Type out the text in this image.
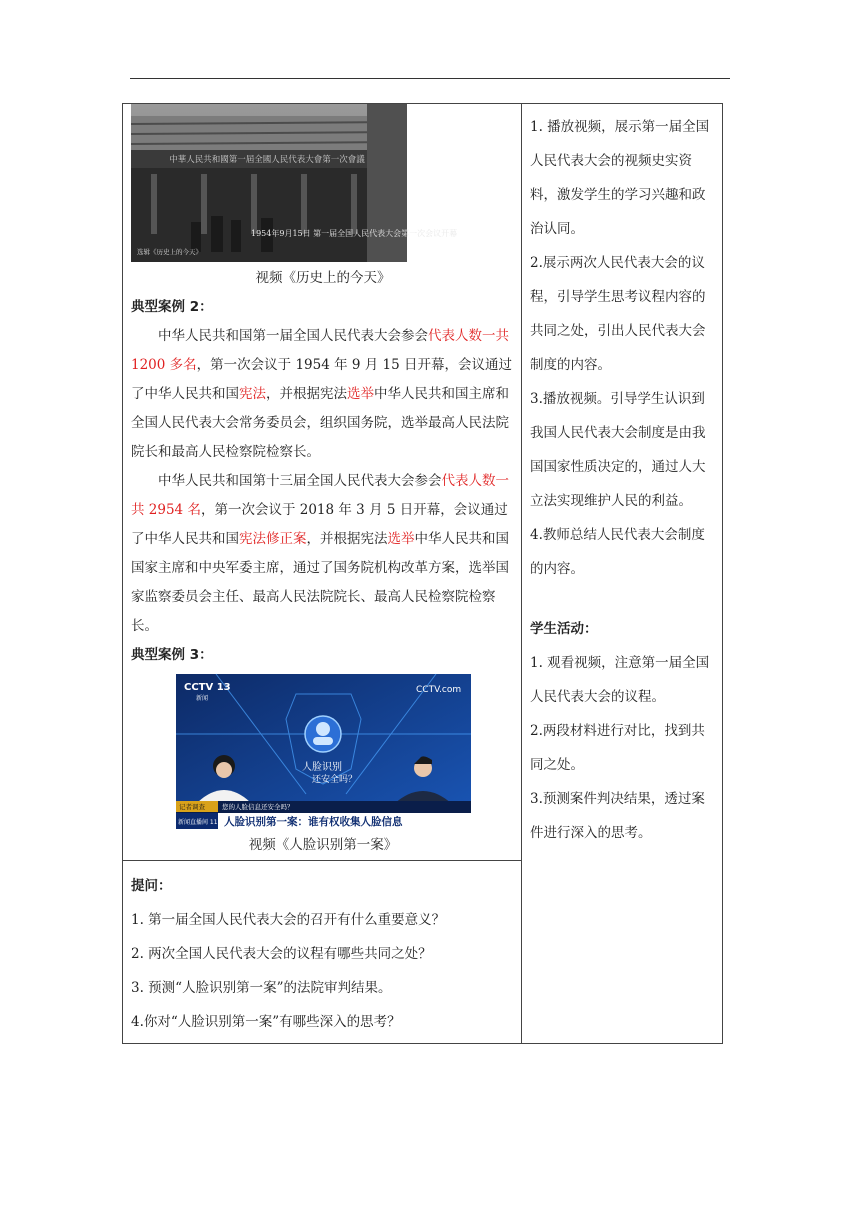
中華人民共和國第一屆全國人民代表大會第一次會議
1954年9月15日 第一届全国人民代表大会第一次会议开幕
选辑《历史上的今天》
视频《历史上的今天》
典型案例 2：

中华人民共和国第一届全国人民代表大会参会代表人数一共 1200 多名，第一次会议于 1954 年 9 月 15 日开幕，会议通过了中华人民共和国宪法，并根据宪法选举中华人民共和国主席和全国人民代表大会常务委员会，组织国务院，选举最高人民法院院长和最高人民检察院检察长。

中华人民共和国第十三届全国人民代表大会参会代表人数一共 2954 名，第一次会议于 2018 年 3 月 5 日开幕，会议通过了中华人民共和国宪法修正案，并根据宪法选举中华人民共和国国家主席和中央军委主席，通过了国务院机构改革方案，选举国家监察委员会主任、最高人民法院院长、最高人民检察院检察长。

典型案例 3：
CCTV 13
新闻
CCTV.com
人脸识别
还安全吗？
记者调查	您的人脸信息还安全吗？
新闻直播间 11 人脸识别第一案：谁有权收集人脸信息
视频《人脸识别第一案》

1. 播放视频，展示第一届全国人民代表大会的视频史实资料，激发学生的学习兴趣和政治认同。

2.展示两次人民代表大会的议程，引导学生思考议程内容的共同之处，引出人民代表大会制度的内容。

3.播放视频。引导学生认识到我国人民代表大会制度是由我国国家性质决定的，通过人大立法实现维护人民的利益。

4.教师总结人民代表大会制度的内容。

学生活动：

1. 观看视频，注意第一届全国人民代表大会的议程。

2.两段材料进行对比，找到共同之处。

3.预测案件判决结果，透过案件进行深入的思考。

提问：

1. 第一届全国人民代表大会的召开有什么重要意义？

2. 两次全国人民代表大会的议程有哪些共同之处？

3. 预测“人脸识别第一案”的法院审判结果。

4.你对“人脸识别第一案”有哪些深入的思考？
